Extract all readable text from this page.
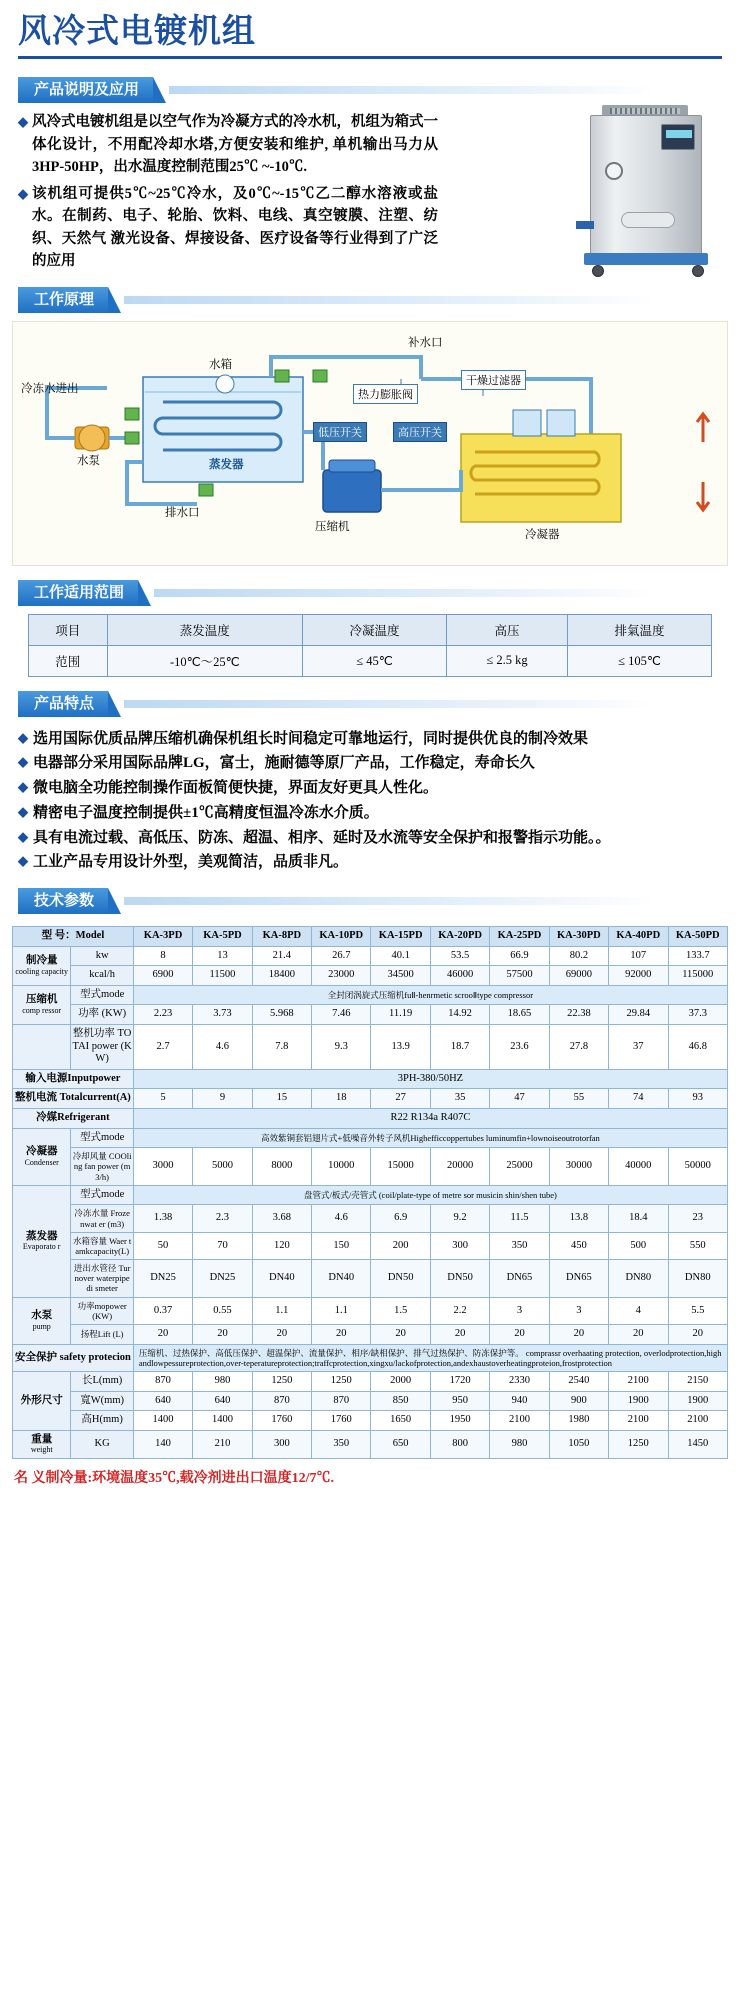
风冷式电镀机组
产品说明及应用
◆ 风冷式电镀机组是以空气作为冷凝方式的冷水机，机组为箱式一体化设计，不用配冷却水塔,方便安装和维护, 单机输出马力从3HP-50HP，出水温度控制范围25℃ ~-10℃.
◆ 该机组可提供5℃~25℃冷水，及0℃~-15℃乙二醇水溶液或盐水。在制药、电子、轮胎、饮料、电线、真空镀膜、注塑、纺织、天然气 激光设备、焊接设备、医疗设备等行业得到了广泛的应用
工作原理
补水口
水箱
热力膨胀阀
干燥过滤器
冷冻水进出
低压开关	高压开关
蒸发器
水泵
排水口
压缩机
冷凝器
工作适用范围
项目	蒸发温度	冷凝温度	高压	排氣温度
范围	-10℃～25℃	≤ 45℃	≤ 2.5 kg	≤ 105℃
产品特点
◆ 选用国际优质品牌压缩机确保机组长时间稳定可靠地运行，同时提供优良的制冷效果
◆ 电器部分采用国际品牌LG，富士，施耐德等原厂产品，工作稳定，寿命长久
◆ 微电脑全功能控制操作面板简便快捷，界面友好更具人性化。
◆ 精密电子温度控制提供±1℃高精度恒温冷冻水介质。
◆ 具有电流过载、高低压、防冻、超温、相序、延时及水流等安全保护和报警指示功能。。
◆ 工业产品专用设计外型，美观简洁，品质非凡。
技术参数
型 号：Model		KA-3PD	KA-5PD	KA-8PD	KA-10PD	KA-15PD	KA-20PD	KA-25PD	KA-30PD	KA-40PD	KA-50PD
制冷量
cooling capacity	kw	8	13	21.4	26.7	40.1	53.5	66.9	80.2	107	133.7
	kcal/h	6900	11500	18400	23000	34500	46000	57500	69000	92000	115000
压缩机
comp ressor	型式mode	全封闭涡旋式压缩机fuⅡ-henrmetic scrooⅡtype compressor									
	功率 (KW)	2.23	3.73	5.968	7.46	11.19	14.92	18.65	22.38	29.84	37.3
	整机功率 TOTAI power (KW)	2.7	4.6	7.8	9.3	13.9	18.7	23.6	27.8	37	46.8
输入电源Inputpower		3PH-380/50HZ									
整机电流 Totalcurrent(A)		5	9	15	18	27	35	47	55	74	93
冷媒Refrigerant		R22 R134a R407C									
冷凝器
Condenser	型式mode	高效紫铜套铝翅片式+低噪音外转子风机Highefficcoppertubes luminumfin+lownoiseoutrotorfan									
	冷却风量 COOling fan power (m3/h)	3000	5000	8000	10000	15000	20000	25000	30000	40000	50000
蒸发器
Evaporato r	型式mode	盘管式/板式/壳管式 (coil/plate-type of metre sor musicin shin/shen tube)									
	冷冻水量 Frozenwat er (m3)	1.38	2.3	3.68	4.6	6.9	9.2	11.5	13.8	18.4	23
	水箱容量 Waer tamkcapacity(L)	50	70	120	150	200	300	350	450	500	550
	进出水管径 Turnover waterpipe di smeter	DN25	DN25	DN40	DN40	DN50	DN50	DN65	DN65	DN80	DN80
水泵
pump	功率mopower (KW)	0.37	0.55	1.1	1.1	1.5	2.2	3	3	4	5.5
	扬程Lift (L)	20	20	20	20	20	20	20	20	20	20
安全保护 safety protecion		压缩机、过热保护、高低压保护、超温保护、流量保护、相序/缺相保护、排气过热保护、防冻保护等。 comprassr overhaating protection, overlodprotection,highandlowpessureprotection,over-teperatureprotection;traffcprotection,xingxu/lackofprotection,andexhaustoverheatingproteion,frostprotection									
外形尺寸	长L(mm)	870	980	1250	1250	2000	1720	2330	2540	2100	2150
	寬W(mm)	640	640	870	870	850	950	940	900	1900	1900
	高H(mm)	1400	1400	1760	1760	1650	1950	2100	1980	2100	2100
重量
weight	KG	140	210	300	350	650	800	980	1050	1250	1450
名 义制冷量:环境温度35℃,载冷剂进出口温度12/7℃.
